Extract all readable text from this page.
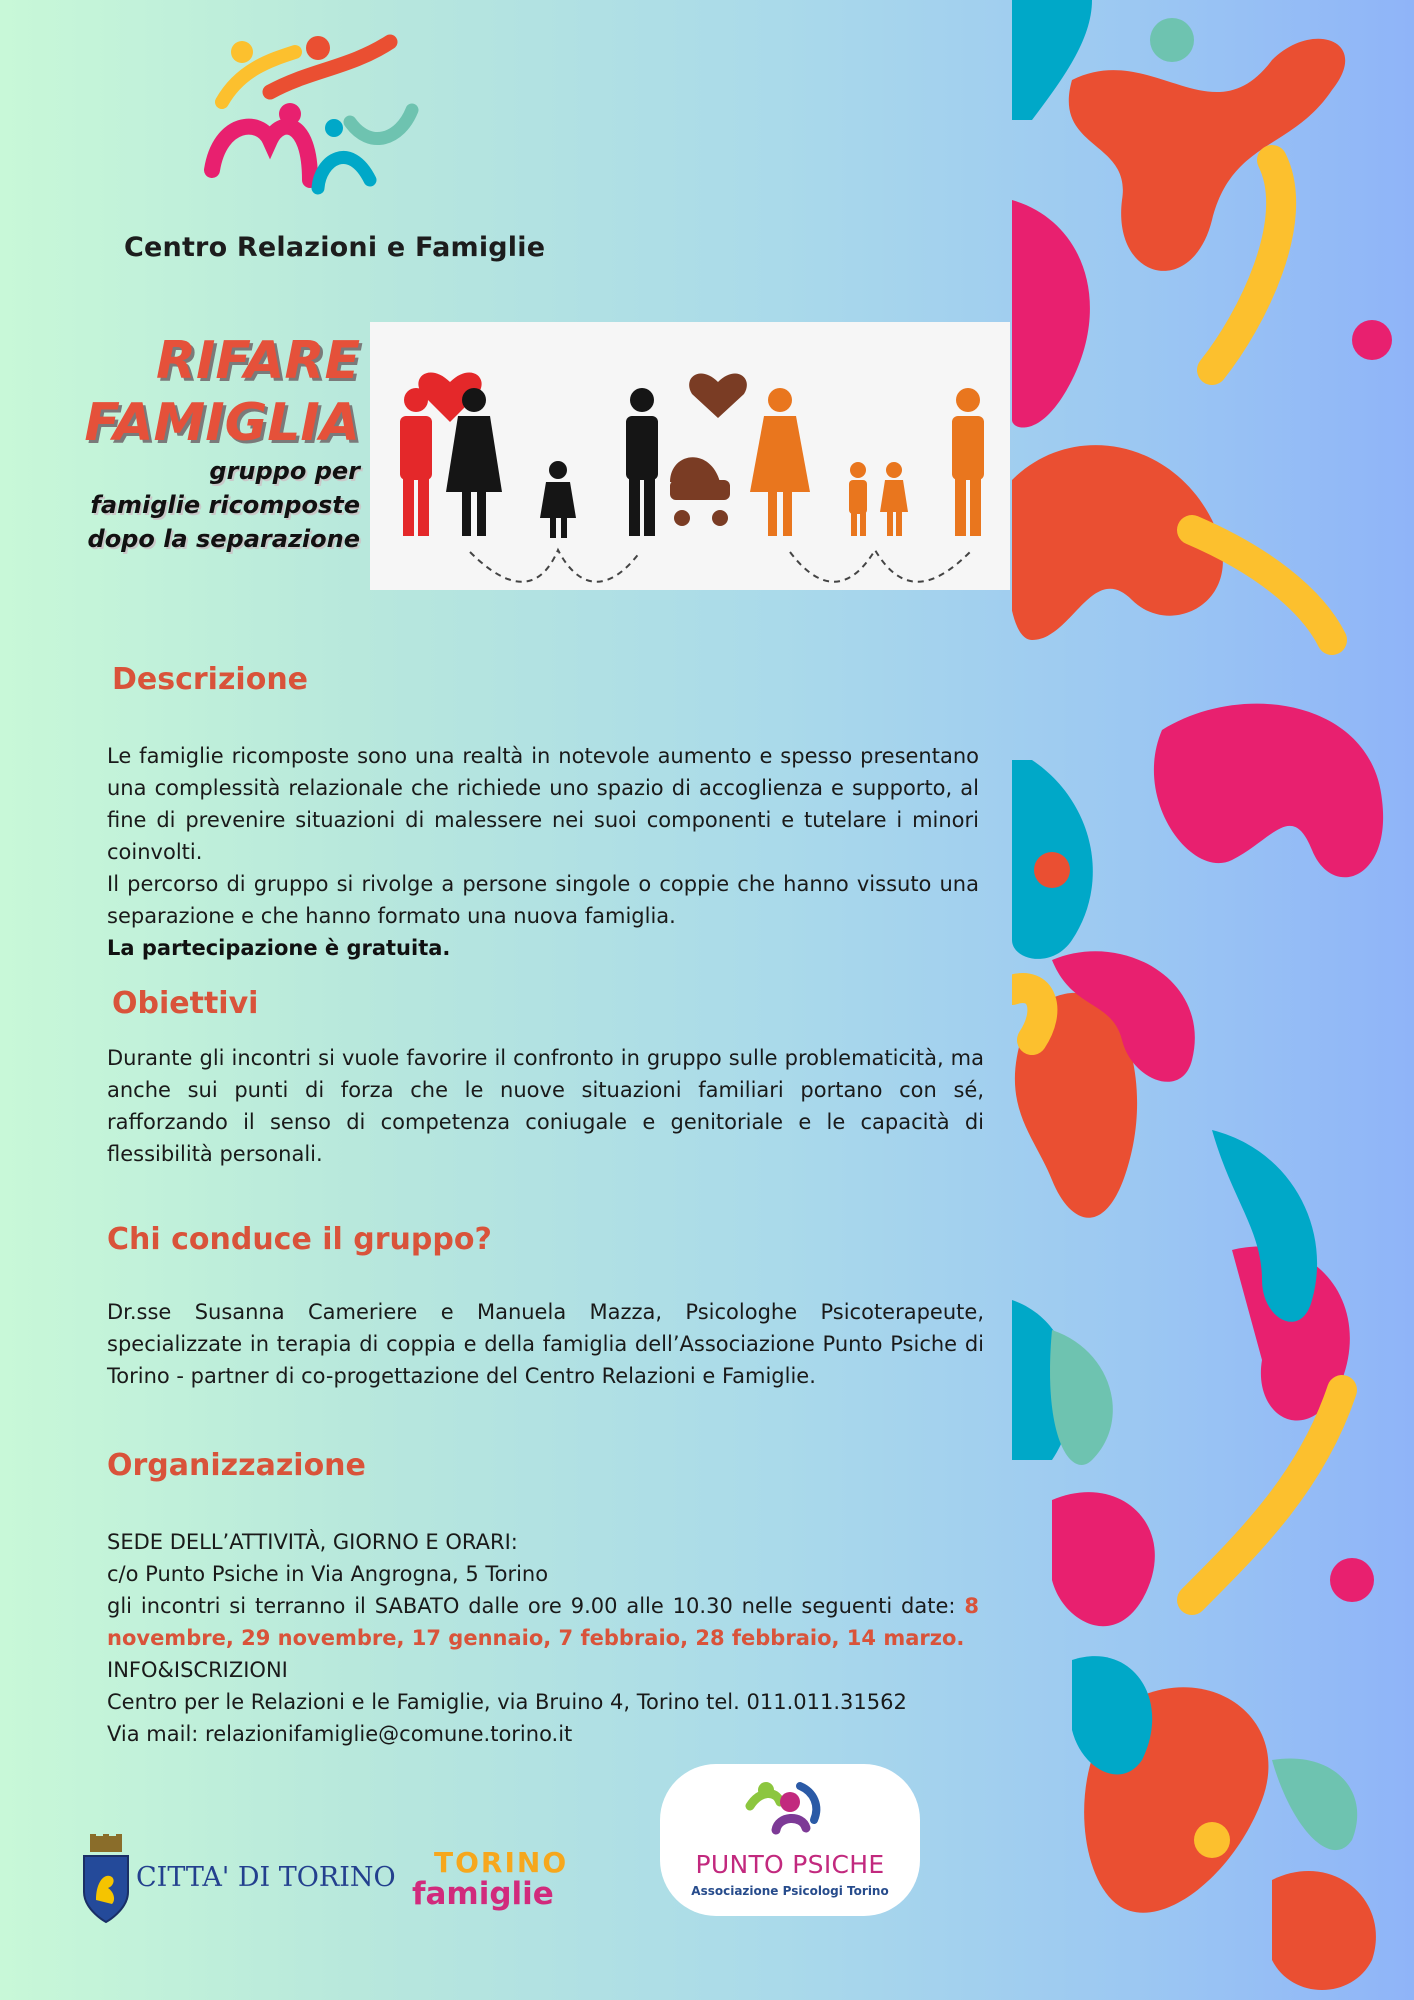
Centro Relazioni e Famiglie
RIFARE
FAMIGLIA
gruppo per
famiglie ricomposte
dopo la separazione
Descrizione

Le famiglie ricomposte sono una realtà in notevole aumento e spesso presentano una complessità relazionale che richiede uno spazio di accoglienza e supporto, al fine di prevenire situazioni di malessere nei suoi componenti e tutelare i minori coinvolti.

Il percorso di gruppo si rivolge a persone singole o coppie che hanno vissuto una separazione e che hanno formato una nuova famiglia.

La partecipazione è gratuita.

Obiettivi

Durante gli incontri si vuole favorire il confronto in gruppo sulle problematicità, ma anche sui punti di forza che le nuove situazioni familiari portano con sé, rafforzando il senso di competenza coniugale e genitoriale e le capacità di flessibilità personali.

Chi conduce il gruppo?

Dr.sse Susanna Cameriere e Manuela Mazza, Psicologhe Psicoterapeute, specializzate in terapia di coppia e della famiglia dell’Associazione Punto Psiche di Torino - partner di co-progettazione del Centro Relazioni e Famiglie.

Organizzazione

SEDE DELL’ATTIVITÀ, GIORNO E ORARI:

c/o Punto Psiche in Via Angrogna, 5 Torino

gli incontri si terranno il SABATO dalle ore 9.00 alle 10.30 nelle seguenti date: 8 novembre, 29 novembre, 17 gennaio, 7 febbraio, 28 febbraio, 14 marzo.

INFO&ISCRIZIONI

Centro per le Relazioni e le Famiglie, via Bruino 4, Torino tel. 011.011.31562

Via mail: relazionifamiglie@comune.torino.it

CITTA' DI TORINO TORINO
famiglie
PUNTO PSICHE
Associazione Psicologi Torino
